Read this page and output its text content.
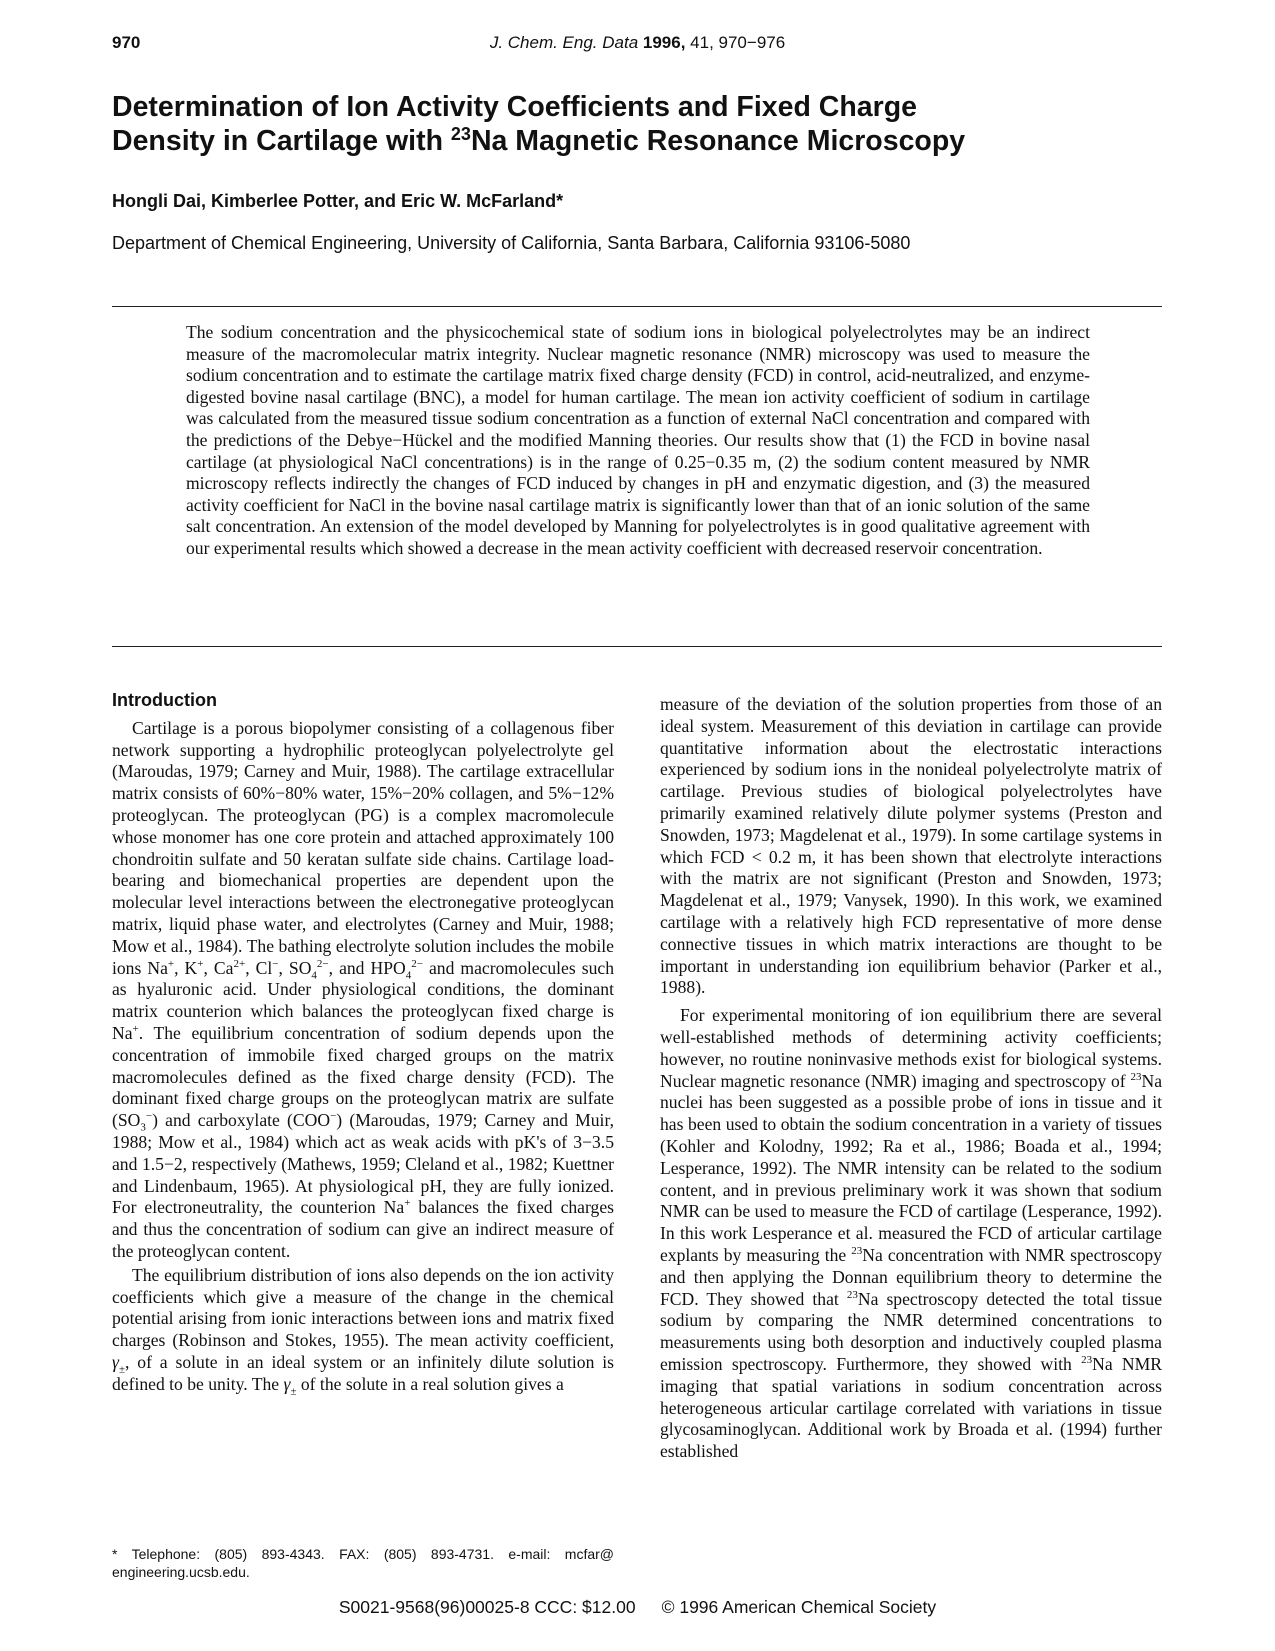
970	J. Chem. Eng. Data 1996, 41, 970−976
Determination of Ion Activity Coefficients and Fixed Charge
Density in Cartilage with $^{23}$Na Magnetic Resonance Microscopy
Hongli Dai, Kimberlee Potter, and Eric W. McFarland*
Department of Chemical Engineering, University of California, Santa Barbara, California 93106-5080

The sodium concentration and the physicochemical state of sodium ions in biological polyelectrolytes may be an indirect measure of the macromolecular matrix integrity. Nuclear magnetic resonance (NMR) microscopy was used to measure the sodium concentration and to estimate the cartilage matrix fixed charge density (FCD) in control, acid-neutralized, and enzyme-digested bovine nasal cartilage (BNC), a model for human cartilage. The mean ion activity coefficient of sodium in cartilage was calculated from the measured tissue sodium concentration as a function of external NaCl concentration and compared with the predictions of the Debye−Hückel and the modified Manning theories. Our results show that (1) the FCD in bovine nasal cartilage (at physiological NaCl concentrations) is in the range of 0.25−0.35 m, (2) the sodium content measured by NMR microscopy reflects indirectly the changes of FCD induced by changes in pH and enzymatic digestion, and (3) the measured activity coefficient for NaCl in the bovine nasal cartilage matrix is significantly lower than that of an ionic solution of the same salt concentration. An extension of the model developed by Manning for polyelectrolytes is in good qualitative agreement with our experimental results which showed a decrease in the mean activity coefficient with decreased reservoir concentration.

Introduction

Cartilage is a porous biopolymer consisting of a collagenous fiber network supporting a hydrophilic proteoglycan polyelectrolyte gel (Maroudas, 1979; Carney and Muir, 1988). The cartilage extracellular matrix consists of 60%−80% water, 15%−20% collagen, and 5%−12% proteoglycan. The proteoglycan (PG) is a complex macromolecule whose monomer has one core protein and attached approximately 100 chondroitin sulfate and 50 keratan sulfate side chains. Cartilage load-bearing and biomechanical properties are dependent upon the molecular level interactions between the electronegative proteoglycan matrix, liquid phase water, and electrolytes (Carney and Muir, 1988; Mow et al., 1984). The bathing electrolyte solution includes the mobile ions Na+, K+, $Ca^{2+}$, Cl−, $SO_4^{2-}$, and $HPO_4^{2-}$ and macromolecules such as hyaluronic acid. Under physiological conditions, the dominant matrix counterion which balances the proteoglycan fixed charge is Na+. The equilibrium concentration of sodium depends upon the concentration of immobile fixed charged groups on the matrix macromolecules defined as the fixed charge density (FCD). The dominant fixed charge groups on the proteoglycan matrix are sulfate $(SO_3^-)$ and carboxylate (COO−) (Maroudas, 1979; Carney and Muir, 1988; Mow et al., 1984) which act as weak acids with pK's of 3−3.5 and 1.5−2, respectively (Mathews, 1959; Cleland et al., 1982; Kuettner and Lindenbaum, 1965). At physiological pH, they are fully ionized. For electroneutrality, the counterion Na+ balances the fixed charges and thus the concentration of sodium can give an indirect measure of the proteoglycan content.

The equilibrium distribution of ions also depends on the ion activity coefficients which give a measure of the change in the chemical potential arising from ionic interactions between ions and matrix fixed charges (Robinson and Stokes, 1955). The mean activity coefficient, $\gamma_\pm$, of a solute in an ideal system or an infinitely dilute solution is defined to be unity. The $\gamma_\pm$ of the solute in a real solution gives a

measure of the deviation of the solution properties from those of an ideal system. Measurement of this deviation in cartilage can provide quantitative information about the electrostatic interactions experienced by sodium ions in the nonideal polyelectrolyte matrix of cartilage. Previous studies of biological polyelectrolytes have primarily examined relatively dilute polymer systems (Preston and Snowden, 1973; Magdelenat et al., 1979). In some cartilage systems in which FCD < 0.2 m, it has been shown that electrolyte interactions with the matrix are not significant (Preston and Snowden, 1973; Magdelenat et al., 1979; Vanysek, 1990). In this work, we examined cartilage with a relatively high FCD representative of more dense connective tissues in which matrix interactions are thought to be important in understanding ion equilibrium behavior (Parker et al., 1988).

For experimental monitoring of ion equilibrium there are several well-established methods of determining activity coefficients; however, no routine noninvasive methods exist for biological systems. Nuclear magnetic resonance (NMR) imaging and spectroscopy of $^{23}$Na nuclei has been suggested as a possible probe of ions in tissue and it has been used to obtain the sodium concentration in a variety of tissues (Kohler and Kolodny, 1992; Ra et al., 1986; Boada et al., 1994; Lesperance, 1992). The NMR intensity can be related to the sodium content, and in previous preliminary work it was shown that sodium NMR can be used to measure the FCD of cartilage (Lesperance, 1992). In this work Lesperance et al. measured the FCD of articular cartilage explants by measuring the $^{23}$Na concentration with NMR spectroscopy and then applying the Donnan equilibrium theory to determine the FCD. They showed that $^{23}$Na spectroscopy detected the total tissue sodium by comparing the NMR determined concentrations to measurements using both desorption and inductively coupled plasma emission spectroscopy. Furthermore, they showed with $^{23}$Na NMR imaging that spatial variations in sodium concentration across heterogeneous articular cartilage correlated with variations in tissue glycosaminoglycan. Additional work by Broada et al. (1994) further established

* Telephone: (805) 893-4343. FAX: (805) 893-4731. e-mail: mcfar@ engineering.ucsb.edu.
S0021-9568(96)00025-8 CCC: $12.00 © 1996 American Chemical Society
